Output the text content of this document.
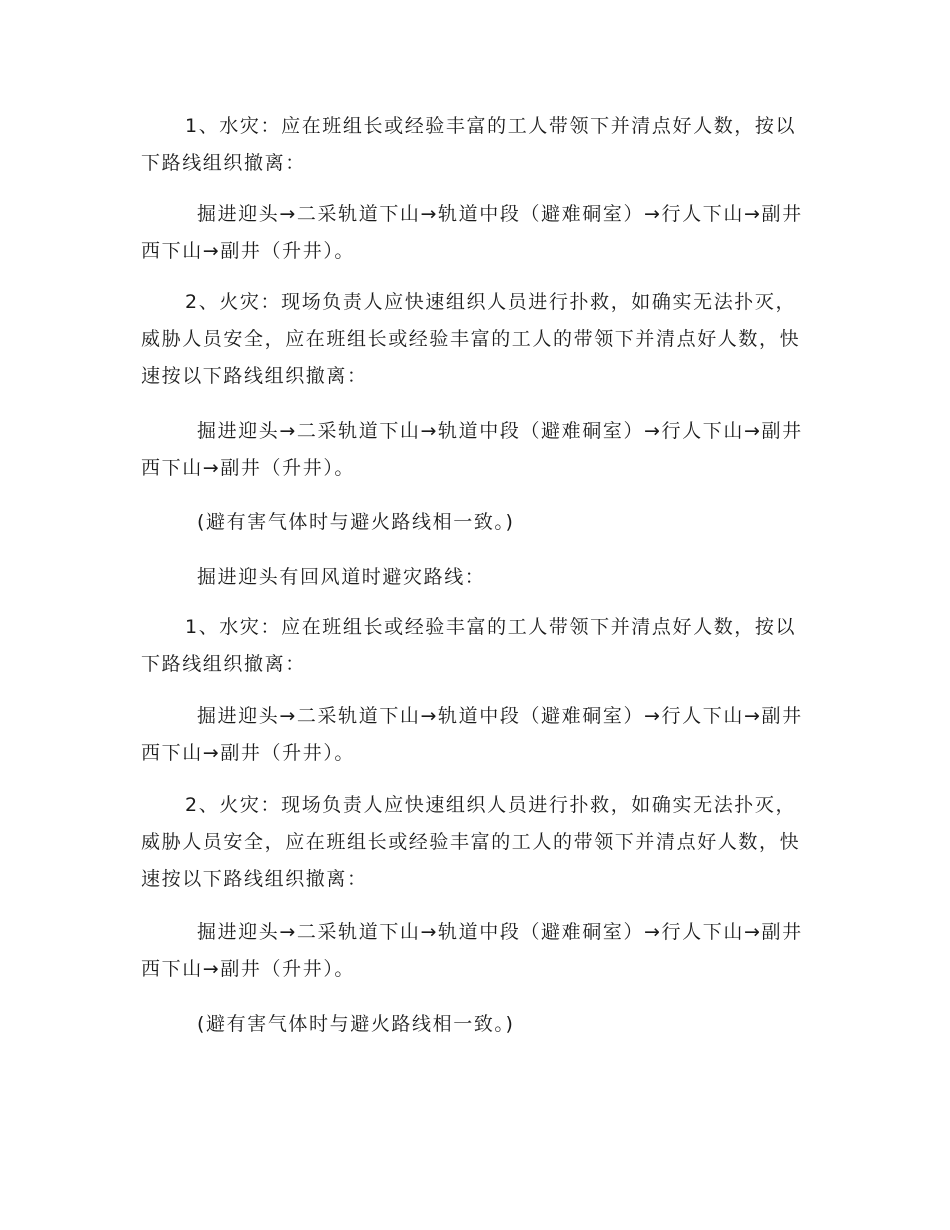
1、水灾：应在班组长或经验丰富的工人带领下并清点好人数，按以下路线组织撤离：

掘进迎头→二采轨道下山→轨道中段（避难硐室）→行人下山→副井西下山→副井（升井）。

2、火灾：现场负责人应快速组织人员进行扑救，如确实无法扑灭，威胁人员安全，应在班组长或经验丰富的工人的带领下并清点好人数，快速按以下路线组织撤离：

掘进迎头→二采轨道下山→轨道中段（避难硐室）→行人下山→副井西下山→副井（升井）。

(避有害气体时与避火路线相一致。)

掘进迎头有回风道时避灾路线：

1、水灾：应在班组长或经验丰富的工人带领下并清点好人数，按以下路线组织撤离：

掘进迎头→二采轨道下山→轨道中段（避难硐室）→行人下山→副井西下山→副井（升井）。

2、火灾：现场负责人应快速组织人员进行扑救，如确实无法扑灭，威胁人员安全，应在班组长或经验丰富的工人的带领下并清点好人数，快速按以下路线组织撤离：

掘进迎头→二采轨道下山→轨道中段（避难硐室）→行人下山→副井西下山→副井（升井）。

(避有害气体时与避火路线相一致。)
